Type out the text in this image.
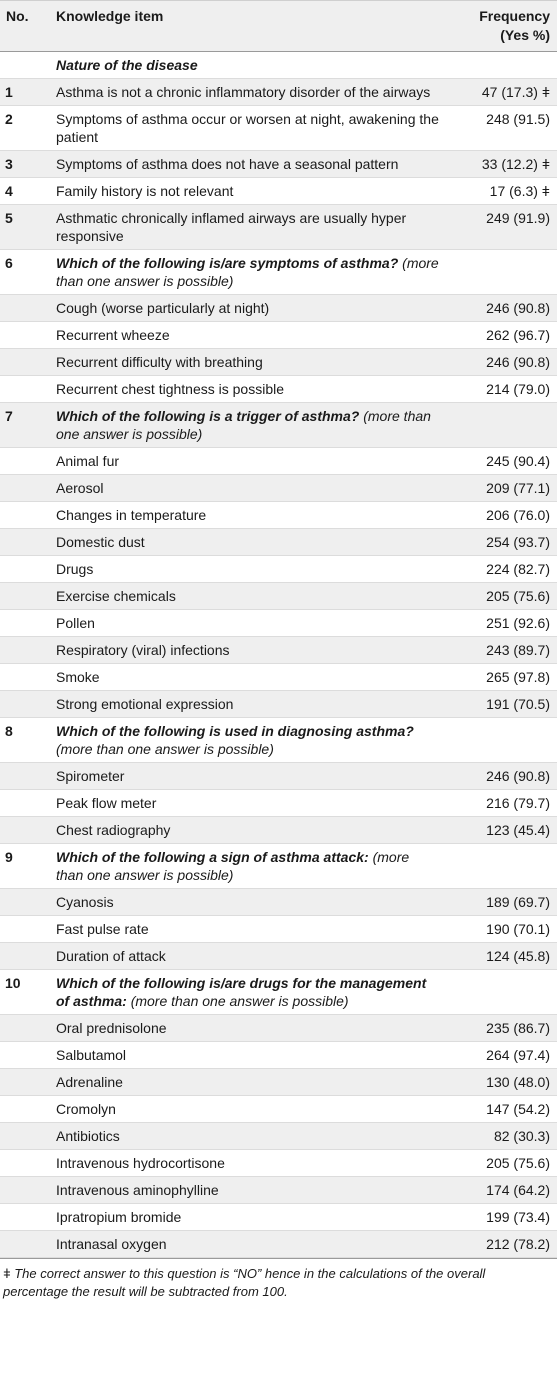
No.	Knowledge item	Frequency (Yes %)
	Nature of the disease	
1	Asthma is not a chronic inflammatory disorder of the airways	47 (17.3) ǂ
2	Symptoms of asthma occur or worsen at night, awakening the patient	248 (91.5)
3	Symptoms of asthma does not have a seasonal pattern	33 (12.2) ǂ
4	Family history is not relevant	17 (6.3) ǂ
5	Asthmatic chronically inflamed airways are usually hyper responsive	249 (91.9)
6	Which of the following is/are symptoms of asthma? (more than one answer is possible)	
	Cough (worse particularly at night)	246 (90.8)
	Recurrent wheeze	262 (96.7)
	Recurrent difficulty with breathing	246 (90.8)
	Recurrent chest tightness is possible	214 (79.0)
7	Which of the following is a trigger of asthma? (more than one answer is possible)	
	Animal fur	245 (90.4)
	Aerosol	209 (77.1)
	Changes in temperature	206 (76.0)
	Domestic dust	254 (93.7)
	Drugs	224 (82.7)
	Exercise chemicals	205 (75.6)
	Pollen	251 (92.6)
	Respiratory (viral) infections	243 (89.7)
	Smoke	265 (97.8)
	Strong emotional expression	191 (70.5)
8	Which of the following is used in diagnosing asthma? (more than one answer is possible)	
	Spirometer	246 (90.8)
	Peak flow meter	216 (79.7)
	Chest radiography	123 (45.4)
9	Which of the following a sign of asthma attack: (more than one answer is possible)	
	Cyanosis	189 (69.7)
	Fast pulse rate	190 (70.1)
	Duration of attack	124 (45.8)
10	Which of the following is/are drugs for the management of asthma: (more than one answer is possible)	
	Oral prednisolone	235 (86.7)
	Salbutamol	264 (97.4)
	Adrenaline	130 (48.0)
	Cromolyn	147 (54.2)
	Antibiotics	82 (30.3)
	Intravenous hydrocortisone	205 (75.6)
	Intravenous aminophylline	174 (64.2)
	Ipratropium bromide	199 (73.4)
	Intranasal oxygen	212 (78.2)
ǂ The correct answer to this question is “NO” hence in the calculations of the overall percentage the result will be subtracted from 100.
